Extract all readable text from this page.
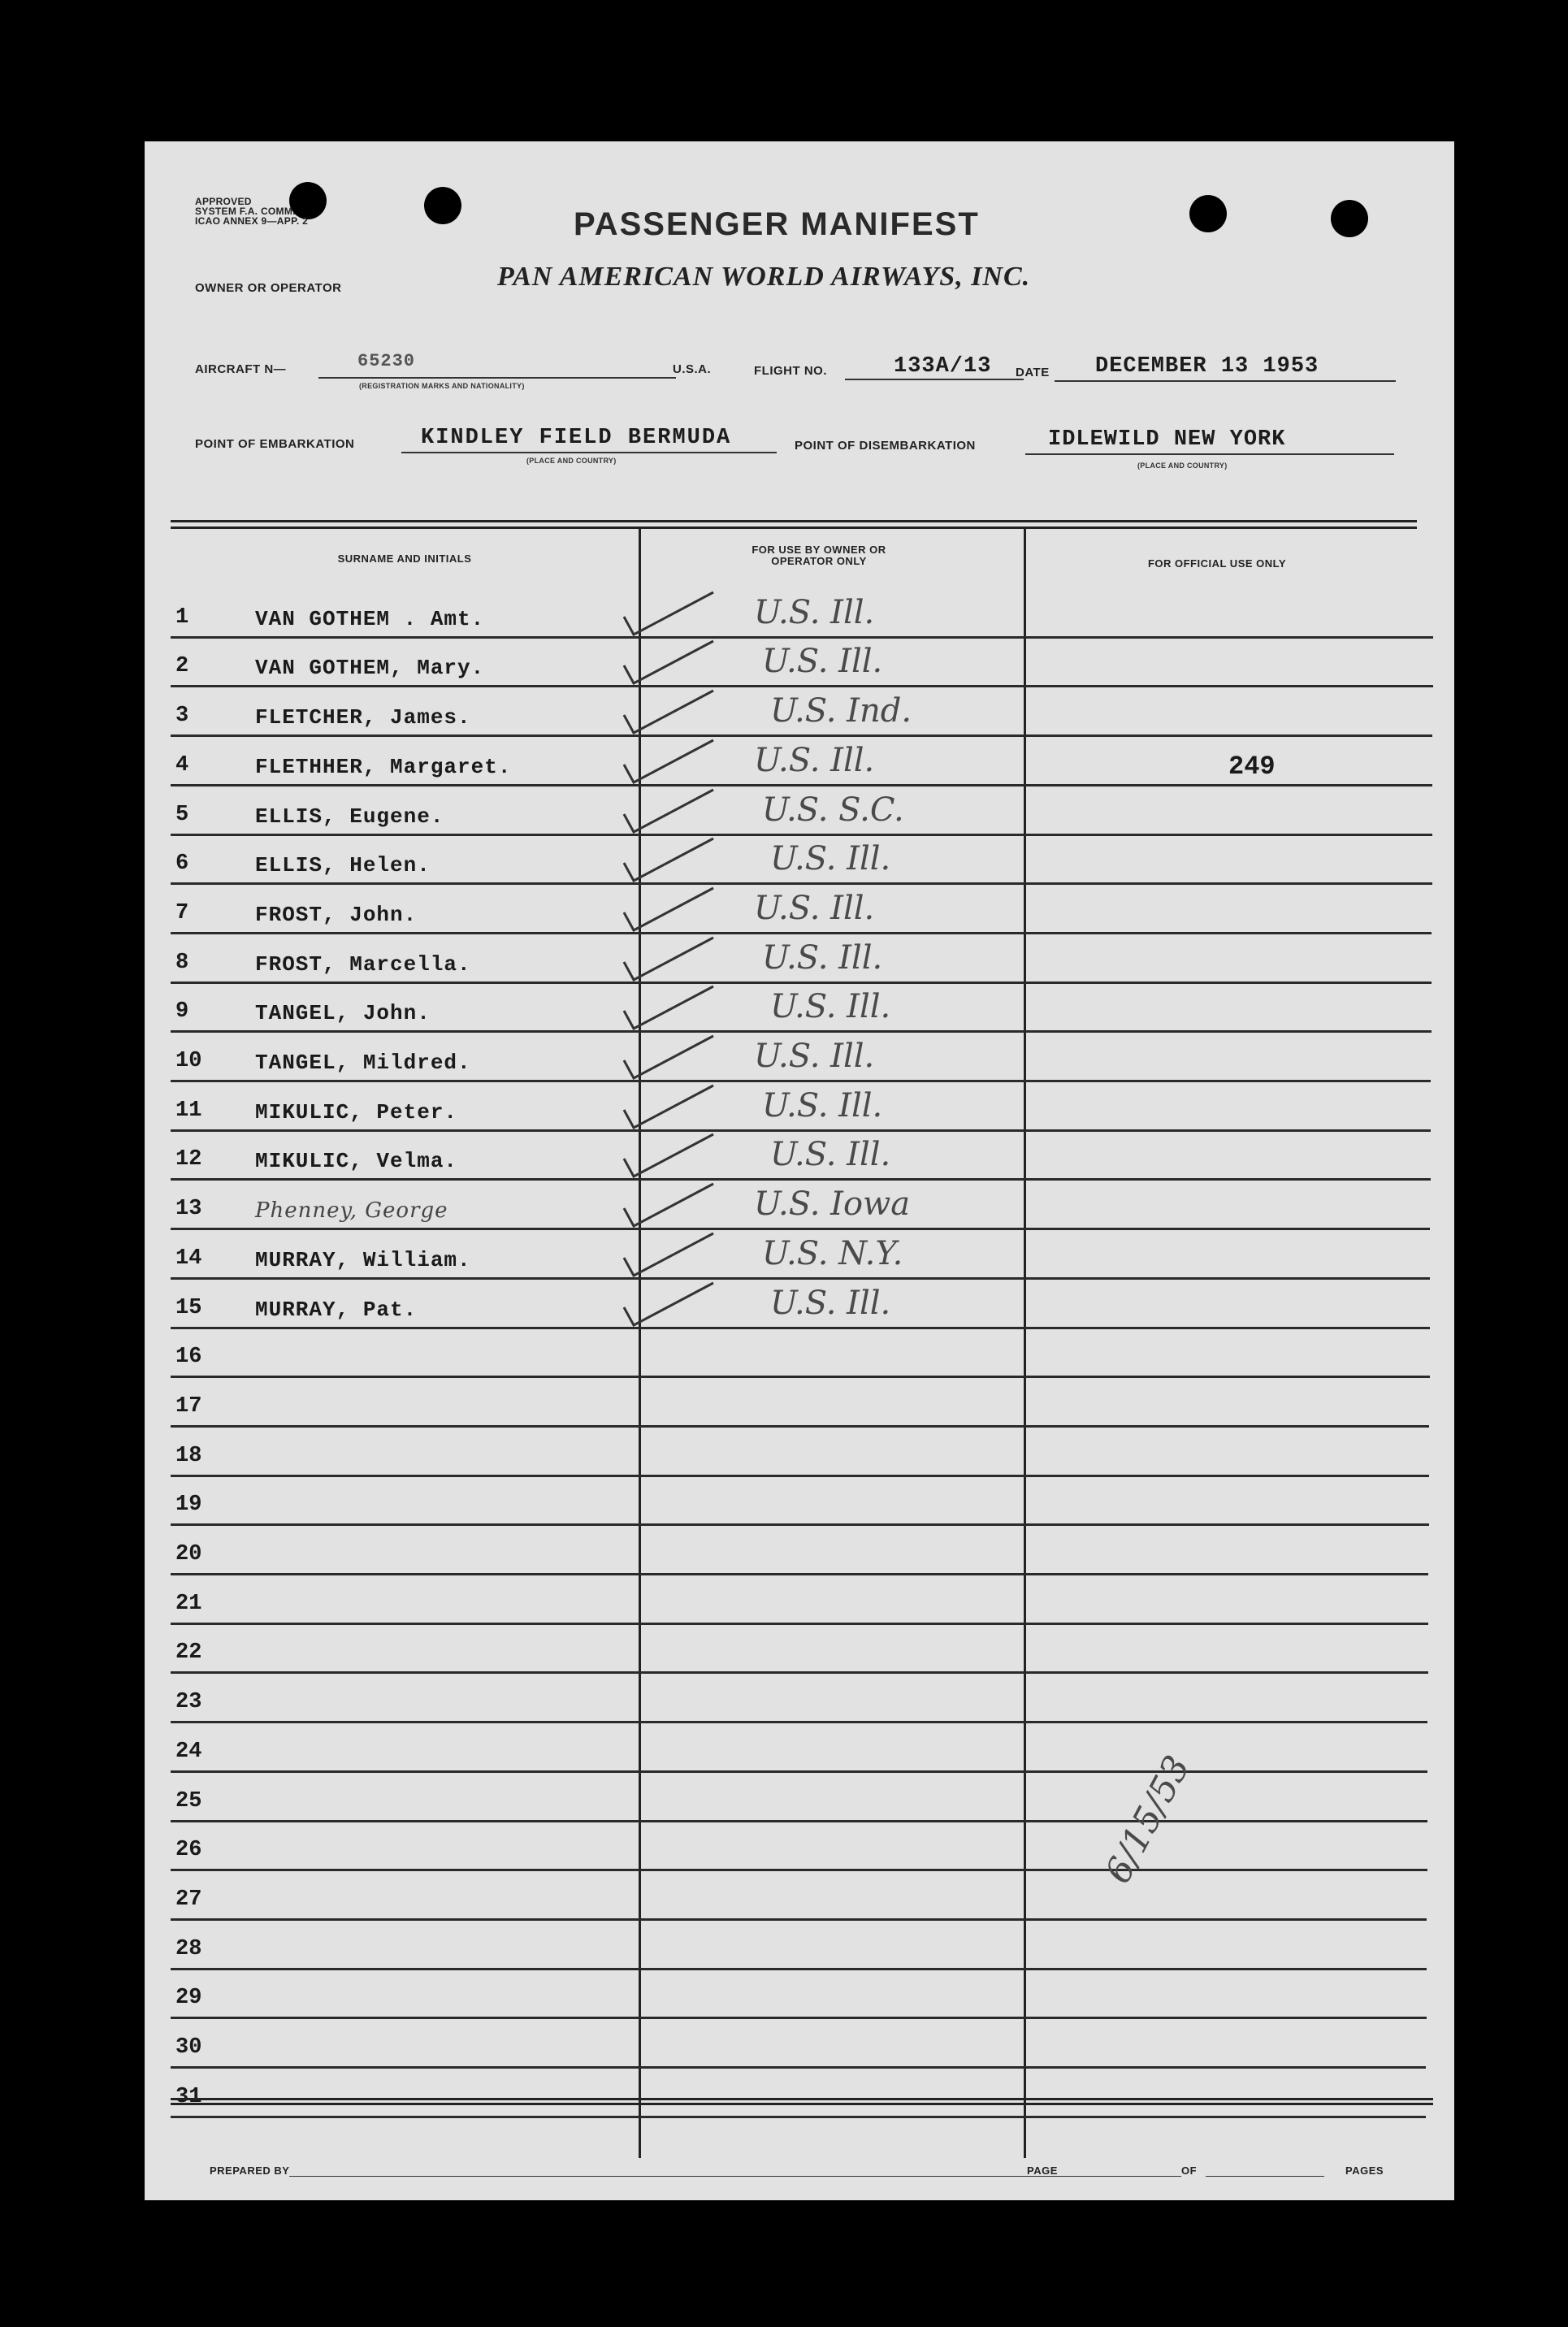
APPROVED
SYSTEM F.A. COMM.
ICAO ANNEX 9—APP. 2
OWNER OR OPERATOR
PASSENGER MANIFEST
PAN AMERICAN WORLD AIRWAYS, INC.
AIRCRAFT N—	65230
(REGISTRATION MARKS AND NATIONALITY)
U.S.A.	FLIGHT NO.	133A/13 DATE DECEMBER 13 1953
POINT OF EMBARKATION	KINDLEY FIELD BERMUDA
(PLACE AND COUNTRY)
POINT OF DISEMBARKATION	IDLEWILD NEW YORK
(PLACE AND COUNTRY)
SURNAME AND INITIALS
FOR USE BY OWNER OR OPERATOR ONLY	FOR OFFICIAL USE ONLY
1	VAN GOTHEM . Amt.	U.S. Ill.
2	VAN GOTHEM, Mary.	U.S. Ill.
3	FLETCHER, James.	U.S. Ind.
4	FLETHHER, Margaret.	U.S. Ill.	249
5	ELLIS, Eugene.	U.S. S.C.
6	ELLIS, Helen.	U.S. Ill.
7	FROST, John.	U.S. Ill.
8	FROST, Marcella.	U.S. Ill.
9	TANGEL, John.	U.S. Ill.
10	TANGEL, Mildred.	U.S. Ill.
11	MIKULIC, Peter.	U.S. Ill.
12	MIKULIC, Velma.	U.S. Ill.
13	Phenney, George	U.S. Iowa
14	MURRAY, William.	U.S. N.Y.
15	MURRAY, Pat.	U.S. Ill.
16
17
18
19
20
21
22
23
24
25
26
27
28
29
30
31
6/15/53
PREPARED BY	PAGE	OF	PAGES
